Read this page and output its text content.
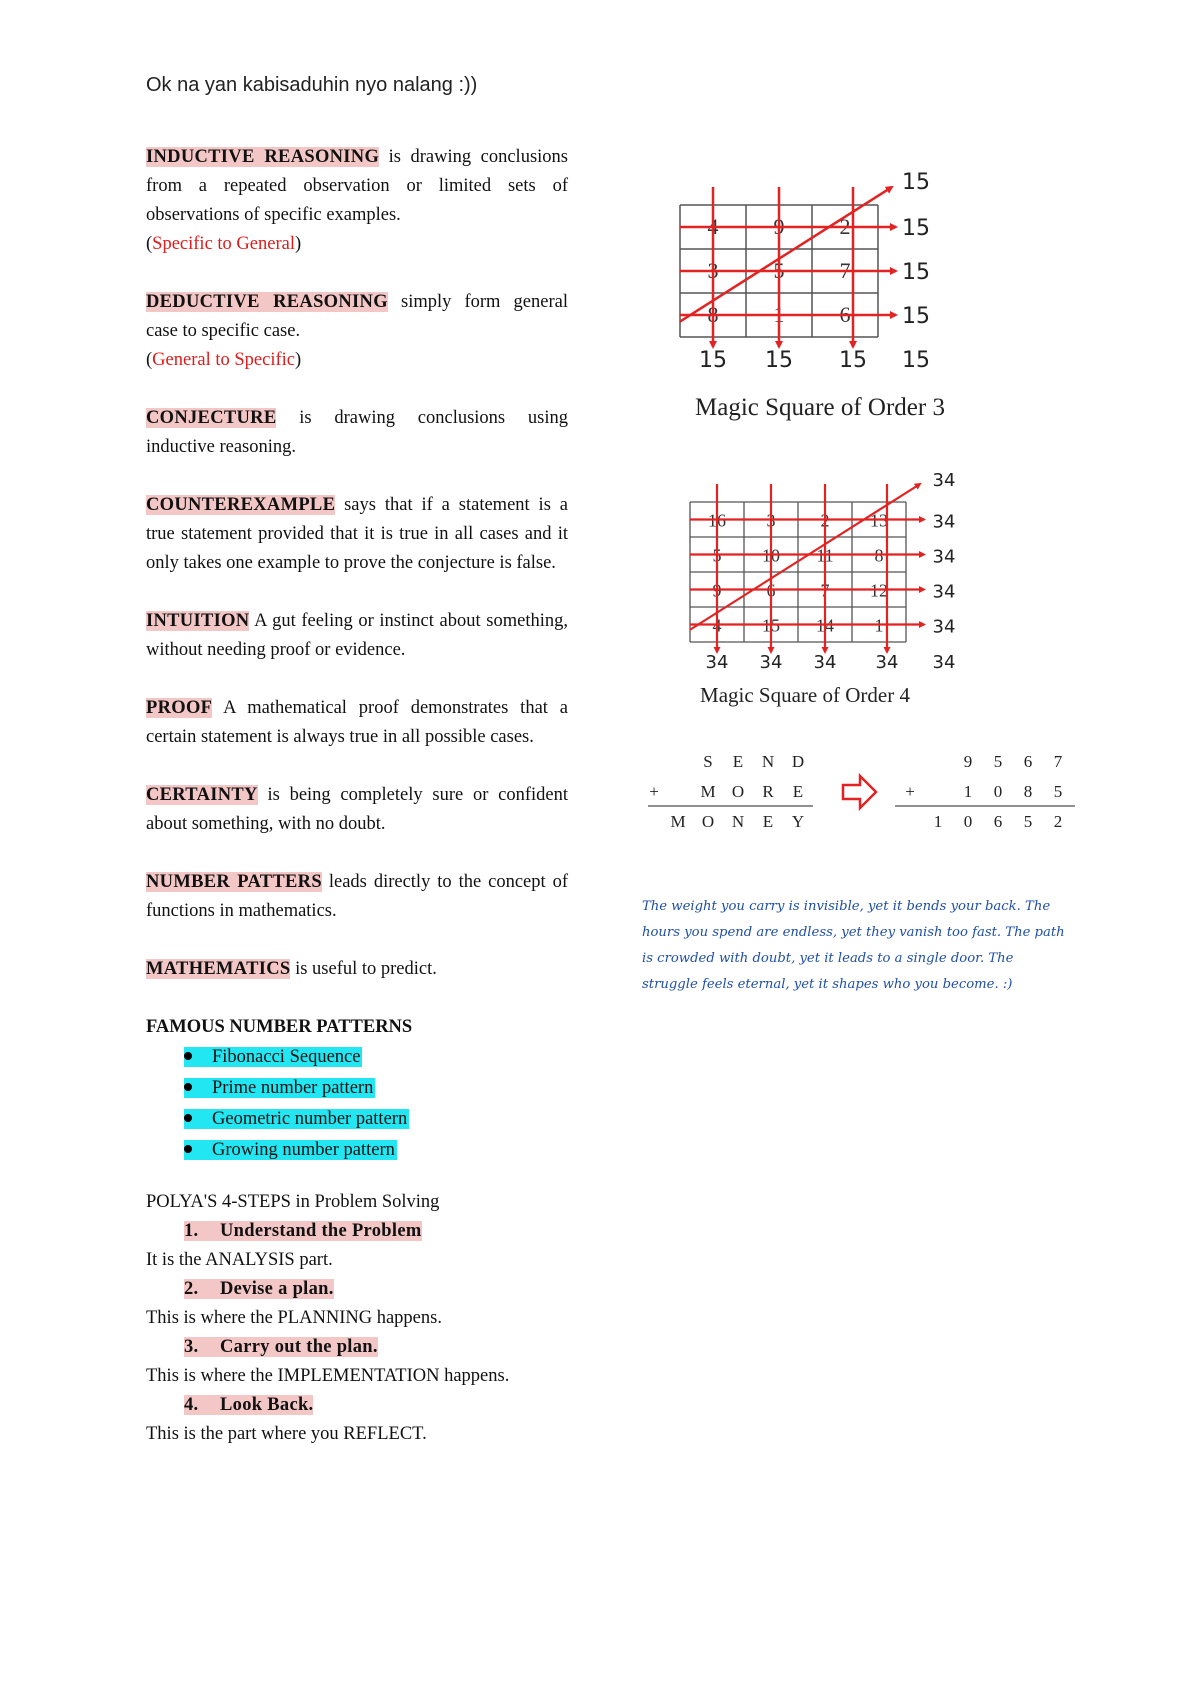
Ok na yan kabisaduhin nyo nalang :))

INDUCTIVE REASONING is drawing conclusions from a repeated observation or limited sets of observations of specific examples.
(Specific to General)

DEDUCTIVE REASONING simply form general case to specific case.
(General to Specific)

CONJECTURE is drawing conclusions using inductive reasoning.

COUNTEREXAMPLE says that if a statement is a true statement provided that it is true in all cases and it only takes one example to prove the conjecture is false.

INTUITION A gut feeling or instinct about something, without needing proof or evidence.

PROOF A mathematical proof demonstrates that a certain statement is always true in all possible cases.

CERTAINTY is being completely sure or confident about something, with no doubt.

NUMBER PATTERS leads directly to the concept of functions in mathematics.

MATHEMATICS is useful to predict.

FAMOUS NUMBER PATTERNS

Fibonacci Sequence
Prime number pattern
Geometric number pattern
Growing number pattern

POLYA'S 4-STEPS in Problem Solving

1. Understand the Problem

It is the ANALYSIS part.

2. Devise a plan.

This is where the PLANNING happens.

3. Carry out the plan.

This is where the IMPLEMENTATION happens.

4. Look Back.

This is the part where you REFLECT.

4	9	2
3	5	7
8	1	6
15
15
15
15 15 15
15
15
Magic Square of Order 3
16 3	2 13
5 10 11 8
9	6	7 12
4 15 14 1
34
34
34
34
34 34 34 34
34
34
Magic Square of Order 4
S E N D
+ M O R E
M O N E Y
9 5 6 7
+	1 0 8 5
1 0 6 5 2
The weight you carry is invisible, yet it bends your back. The hours you spend are endless, yet they vanish too fast. The path is crowded with doubt, yet it leads to a single door. The struggle feels eternal, yet it shapes who you become. :)
